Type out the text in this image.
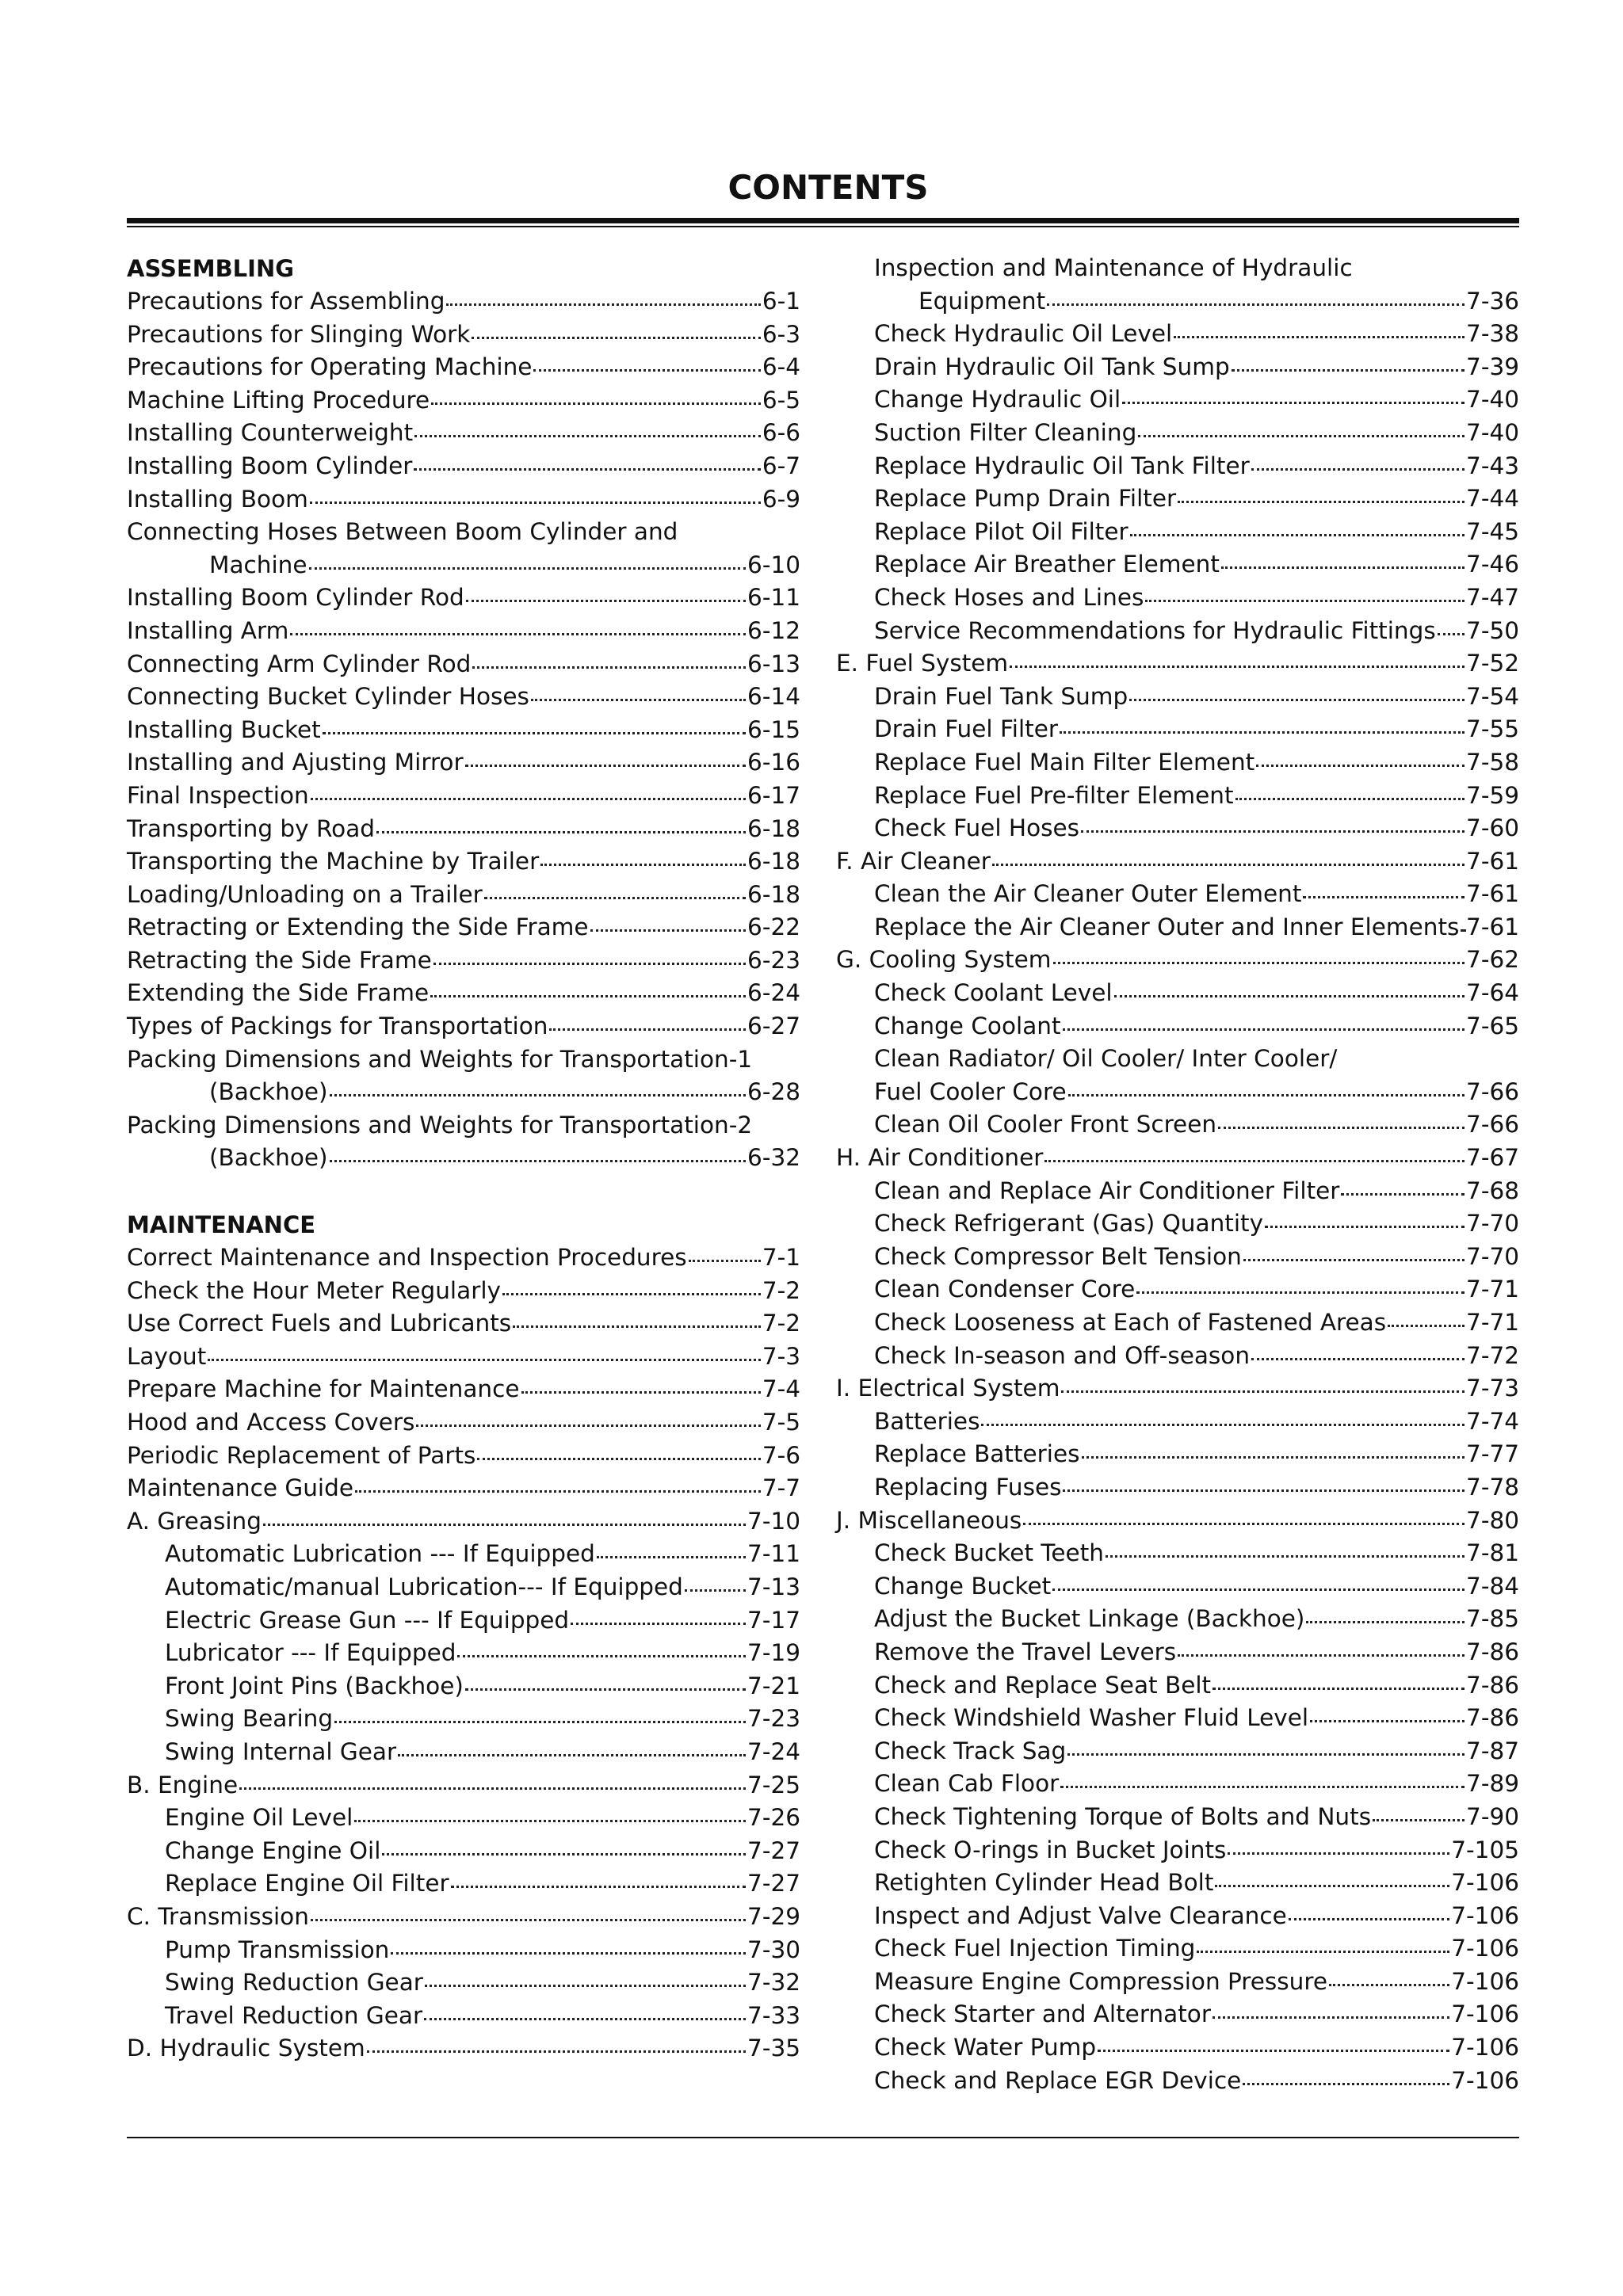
CONTENTS
ASSEMBLING
Precautions for Assembling	6-1
Precautions for Slinging Work	6-3
Precautions for Operating Machine	6-4
Machine Lifting Procedure	6-5
Installing Counterweight	6-6
Installing Boom Cylinder	6-7
Installing Boom	6-9
Connecting Hoses Between Boom Cylinder and
Machine	6-10
Installing Boom Cylinder Rod	6-11
Installing Arm	6-12
Connecting Arm Cylinder Rod	6-13
Connecting Bucket Cylinder Hoses	6-14
Installing Bucket	6-15
Installing and Ajusting Mirror	6-16
Final Inspection	6-17
Transporting by Road	6-18
Transporting the Machine by Trailer	6-18
Loading/Unloading on a Trailer	6-18
Retracting or Extending the Side Frame	6-22
Retracting the Side Frame	6-23
Extending the Side Frame	6-24
Types of Packings for Transportation	6-27
Packing Dimensions and Weights for Transportation-1
(Backhoe)	6-28
Packing Dimensions and Weights for Transportation-2
(Backhoe)	6-32
MAINTENANCE
Correct Maintenance and Inspection Procedures	7-1
Check the Hour Meter Regularly	7-2
Use Correct Fuels and Lubricants	7-2
Layout	7-3
Prepare Machine for Maintenance	7-4
Hood and Access Covers	7-5
Periodic Replacement of Parts	7-6
Maintenance Guide	7-7
A. Greasing	7-10
Automatic Lubrication --- If Equipped	7-11
Automatic/manual Lubrication--- If Equipped	7-13
Electric Grease Gun --- If Equipped	7-17
Lubricator --- If Equipped	7-19
Front Joint Pins (Backhoe)	7-21
Swing Bearing	7-23
Swing Internal Gear	7-24
B. Engine	7-25
Engine Oil Level	7-26
Change Engine Oil	7-27
Replace Engine Oil Filter	7-27
C. Transmission	7-29
Pump Transmission	7-30
Swing Reduction Gear	7-32
Travel Reduction Gear	7-33
D. Hydraulic System	7-35
Inspection and Maintenance of Hydraulic
Equipment	7-36
Check Hydraulic Oil Level	7-38
Drain Hydraulic Oil Tank Sump	7-39
Change Hydraulic Oil	7-40
Suction Filter Cleaning	7-40
Replace Hydraulic Oil Tank Filter	7-43
Replace Pump Drain Filter	7-44
Replace Pilot Oil Filter	7-45
Replace Air Breather Element	7-46
Check Hoses and Lines	7-47
Service Recommendations for Hydraulic Fittings 7-50
E. Fuel System	7-52
Drain Fuel Tank Sump	7-54
Drain Fuel Filter	7-55
Replace Fuel Main Filter Element	7-58
Replace Fuel Pre-filter Element	7-59
Check Fuel Hoses	7-60
F. Air Cleaner	7-61
Clean the Air Cleaner Outer Element	7-61
Replace the Air Cleaner Outer and Inner Elements 7-61
G. Cooling System	7-62
Check Coolant Level	7-64
Change Coolant	7-65
Clean Radiator/ Oil Cooler/ Inter Cooler/
Fuel Cooler Core	7-66
Clean Oil Cooler Front Screen	7-66
H. Air Conditioner	7-67
Clean and Replace Air Conditioner Filter	7-68
Check Refrigerant (Gas) Quantity	7-70
Check Compressor Belt Tension	7-70
Clean Condenser Core	7-71
Check Looseness at Each of Fastened Areas	7-71
Check In-season and Off-season	7-72
I. Electrical System	7-73
Batteries	7-74
Replace Batteries	7-77
Replacing Fuses	7-78
J. Miscellaneous	7-80
Check Bucket Teeth	7-81
Change Bucket	7-84
Adjust the Bucket Linkage (Backhoe)	7-85
Remove the Travel Levers	7-86
Check and Replace Seat Belt	7-86
Check Windshield Washer Fluid Level	7-86
Check Track Sag	7-87
Clean Cab Floor	7-89
Check Tightening Torque of Bolts and Nuts	7-90
Check O-rings in Bucket Joints	7-105
Retighten Cylinder Head Bolt	7-106
Inspect and Adjust Valve Clearance	7-106
Check Fuel Injection Timing	7-106
Measure Engine Compression Pressure	7-106
Check Starter and Alternator	7-106
Check Water Pump	7-106
Check and Replace EGR Device	7-106
